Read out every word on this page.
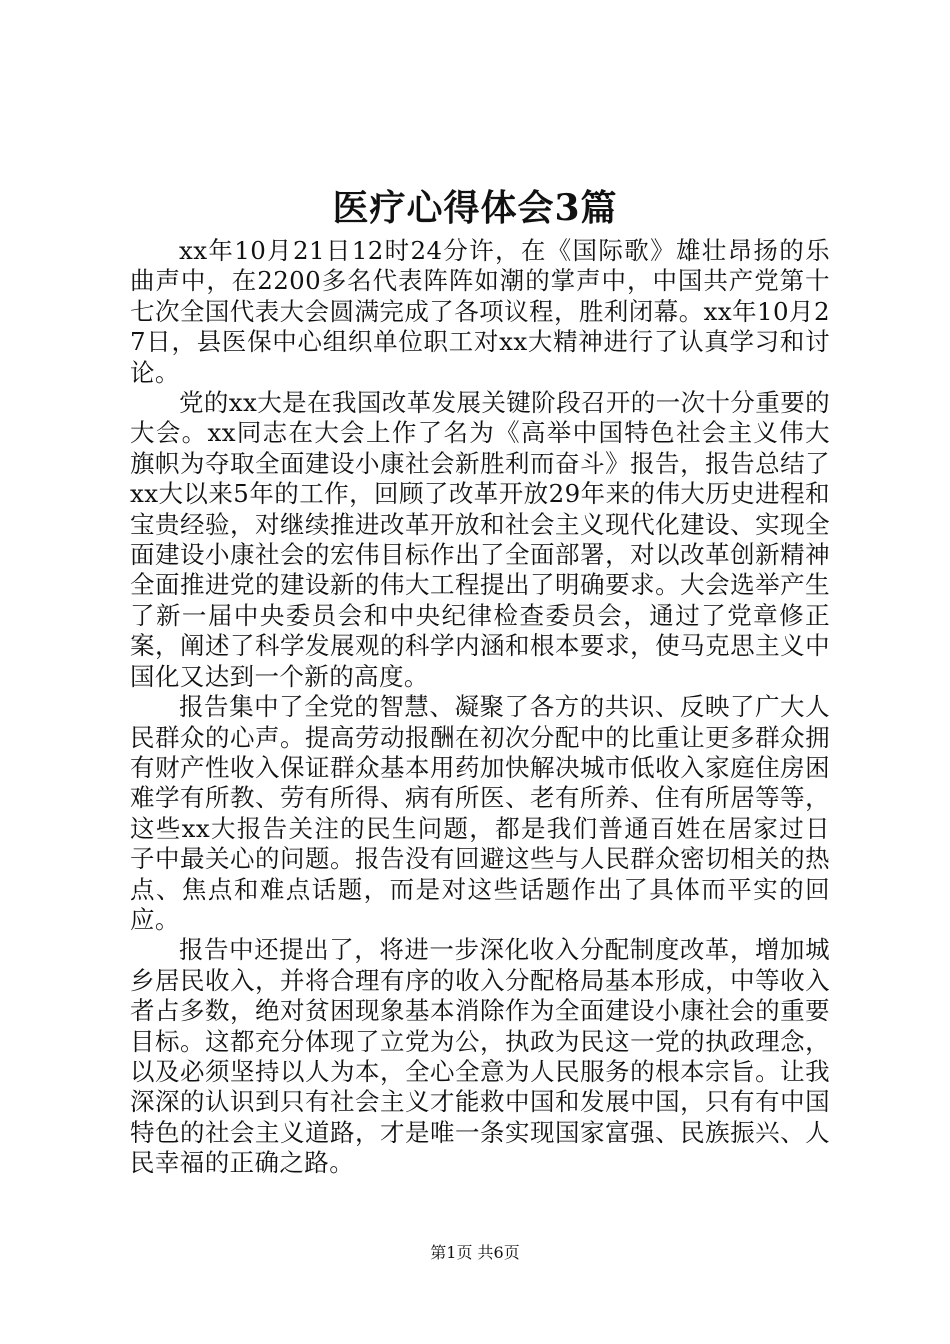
医疗心得体会3篇

xx年10月21日12时24分许，在《国际歌》雄壮昂扬的乐曲声中，在2200多名代表阵阵如潮的掌声中，中国共产党第十七次全国代表大会圆满完成了各项议程，胜利闭幕。xx年10月27日，县医保中心组织单位职工对xx大精神进行了认真学习和讨论。

党的xx大是在我国改革发展关键阶段召开的一次十分重要的大会。xx同志在大会上作了名为《高举中国特色社会主义伟大旗帜为夺取全面建设小康社会新胜利而奋斗》报告，报告总结了xx大以来5年的工作，回顾了改革开放29年来的伟大历史进程和宝贵经验，对继续推进改革开放和社会主义现代化建设、实现全面建设小康社会的宏伟目标作出了全面部署，对以改革创新精神全面推进党的建设新的伟大工程提出了明确要求。大会选举产生了新一届中央委员会和中央纪律检查委员会，通过了党章修正案，阐述了科学发展观的科学内涵和根本要求，使马克思主义中国化又达到一个新的高度。

报告集中了全党的智慧、凝聚了各方的共识、反映了广大人民群众的心声。提高劳动报酬在初次分配中的比重让更多群众拥有财产性收入保证群众基本用药加快解决城市低收入家庭住房困难学有所教、劳有所得、病有所医、老有所养、住有所居等等，这些xx大报告关注的民生问题，都是我们普通百姓在居家过日子中最关心的问题。报告没有回避这些与人民群众密切相关的热点、焦点和难点话题，而是对这些话题作出了具体而平实的回应。

报告中还提出了，将进一步深化收入分配制度改革，增加城乡居民收入，并将合理有序的收入分配格局基本形成，中等收入者占多数，绝对贫困现象基本消除作为全面建设小康社会的重要目标。这都充分体现了立党为公，执政为民这一党的执政理念，以及必须坚持以人为本，全心全意为人民服务的根本宗旨。让我深深的认识到只有社会主义才能救中国和发展中国，只有有中国特色的社会主义道路，才是唯一条实现国家富强、民族振兴、人民幸福的正确之路。

第1页 共6页
